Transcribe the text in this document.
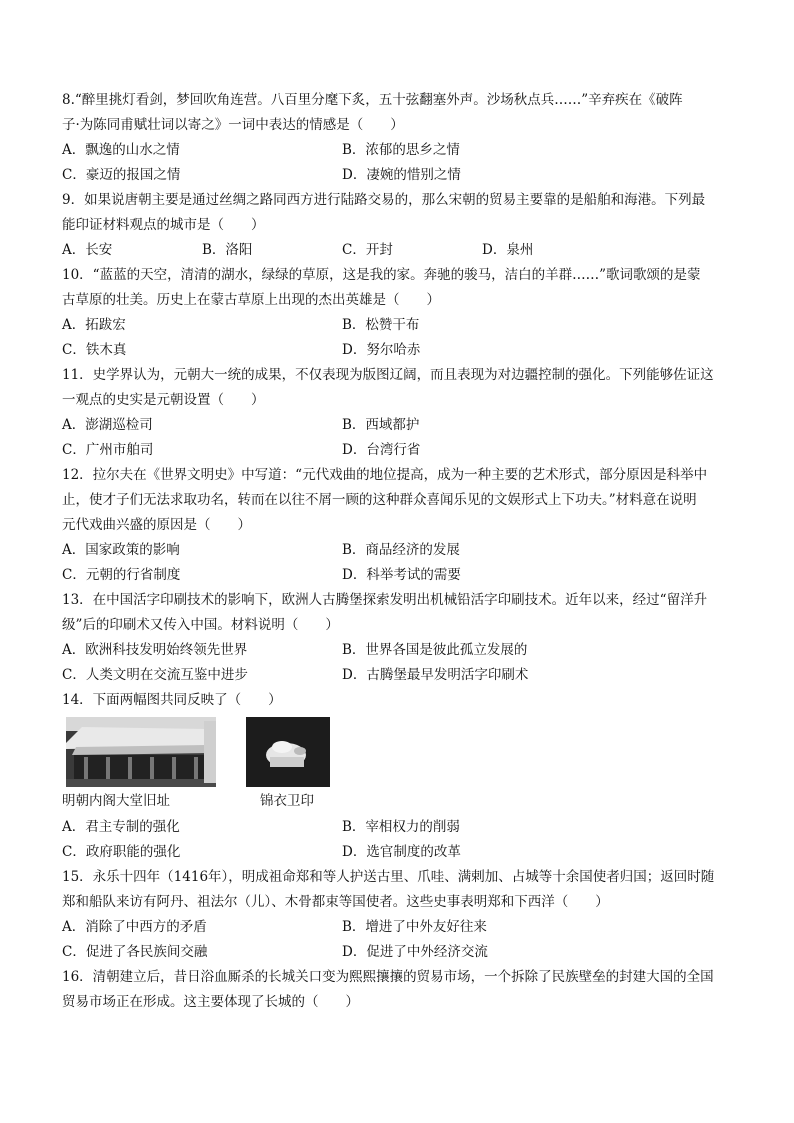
8.“醉里挑灯看剑，梦回吹角连营。八百里分麾下炙，五十弦翻塞外声。沙场秋点兵……”辛弃疾在《破阵
子·为陈同甫赋壮词以寄之》一词中表达的情感是（　　）
A．飘逸的山水之情	B．浓郁的思乡之情
C．豪迈的报国之情	D．凄婉的惜别之情
9．如果说唐朝主要是通过丝绸之路同西方进行陆路交易的，那么宋朝的贸易主要靠的是船舶和海港。下列最
能印证材料观点的城市是（　　）
A．长安	B．洛阳	C．开封	D．泉州
10．“蓝蓝的天空，清清的湖水，绿绿的草原，这是我的家。奔驰的骏马，洁白的羊群……”歌词歌颂的是蒙
古草原的壮美。历史上在蒙古草原上出现的杰出英雄是（　　）
A．拓跋宏	B．松赞干布
C．铁木真	D．努尔哈赤
11．史学界认为，元朝大一统的成果，不仅表现为版图辽阔，而且表现为对边疆控制的强化。下列能够佐证这
一观点的史实是元朝设置（　　）
A．澎湖巡检司	B．西域都护
C．广州市舶司	D．台湾行省
12．拉尔夫在《世界文明史》中写道：“元代戏曲的地位提高，成为一种主要的艺术形式，部分原因是科举中
止，使才子们无法求取功名，转而在以往不屑一顾的这种群众喜闻乐见的文娱形式上下功夫。”材料意在说明
元代戏曲兴盛的原因是（　　）
A．国家政策的影响	B．商品经济的发展
C．元朝的行省制度	D．科举考试的需要
13．在中国活字印刷技术的影响下，欧洲人古腾堡探索发明出机械铅活字印刷技术。近年以来，经过“留洋升
级”后的印刷术又传入中国。材料说明（　　）
A．欧洲科技发明始终领先世界	B．世界各国是彼此孤立发展的
C．人类文明在交流互鉴中进步	D．古腾堡最早发明活字印刷术
14．下面两幅图共同反映了（　　）
明朝内阁大堂旧址	锦衣卫印
A．君主专制的强化	B．宰相权力的削弱
C．政府职能的强化	D．选官制度的改革
15．永乐十四年（1416年），明成祖命郑和等人护送古里、爪哇、满剌加、占城等十余国使者归国；返回时随
郑和船队来访有阿丹、祖法尔（儿）、木骨都束等国使者。这些史事表明郑和下西洋（　　）
A．消除了中西方的矛盾	B．增进了中外友好往来
C．促进了各民族间交融	D．促进了中外经济交流
16．清朝建立后，昔日浴血厮杀的长城关口变为熙熙攘攘的贸易市场，一个拆除了民族壁垒的封建大国的全国
贸易市场正在形成。这主要体现了长城的（　　）
